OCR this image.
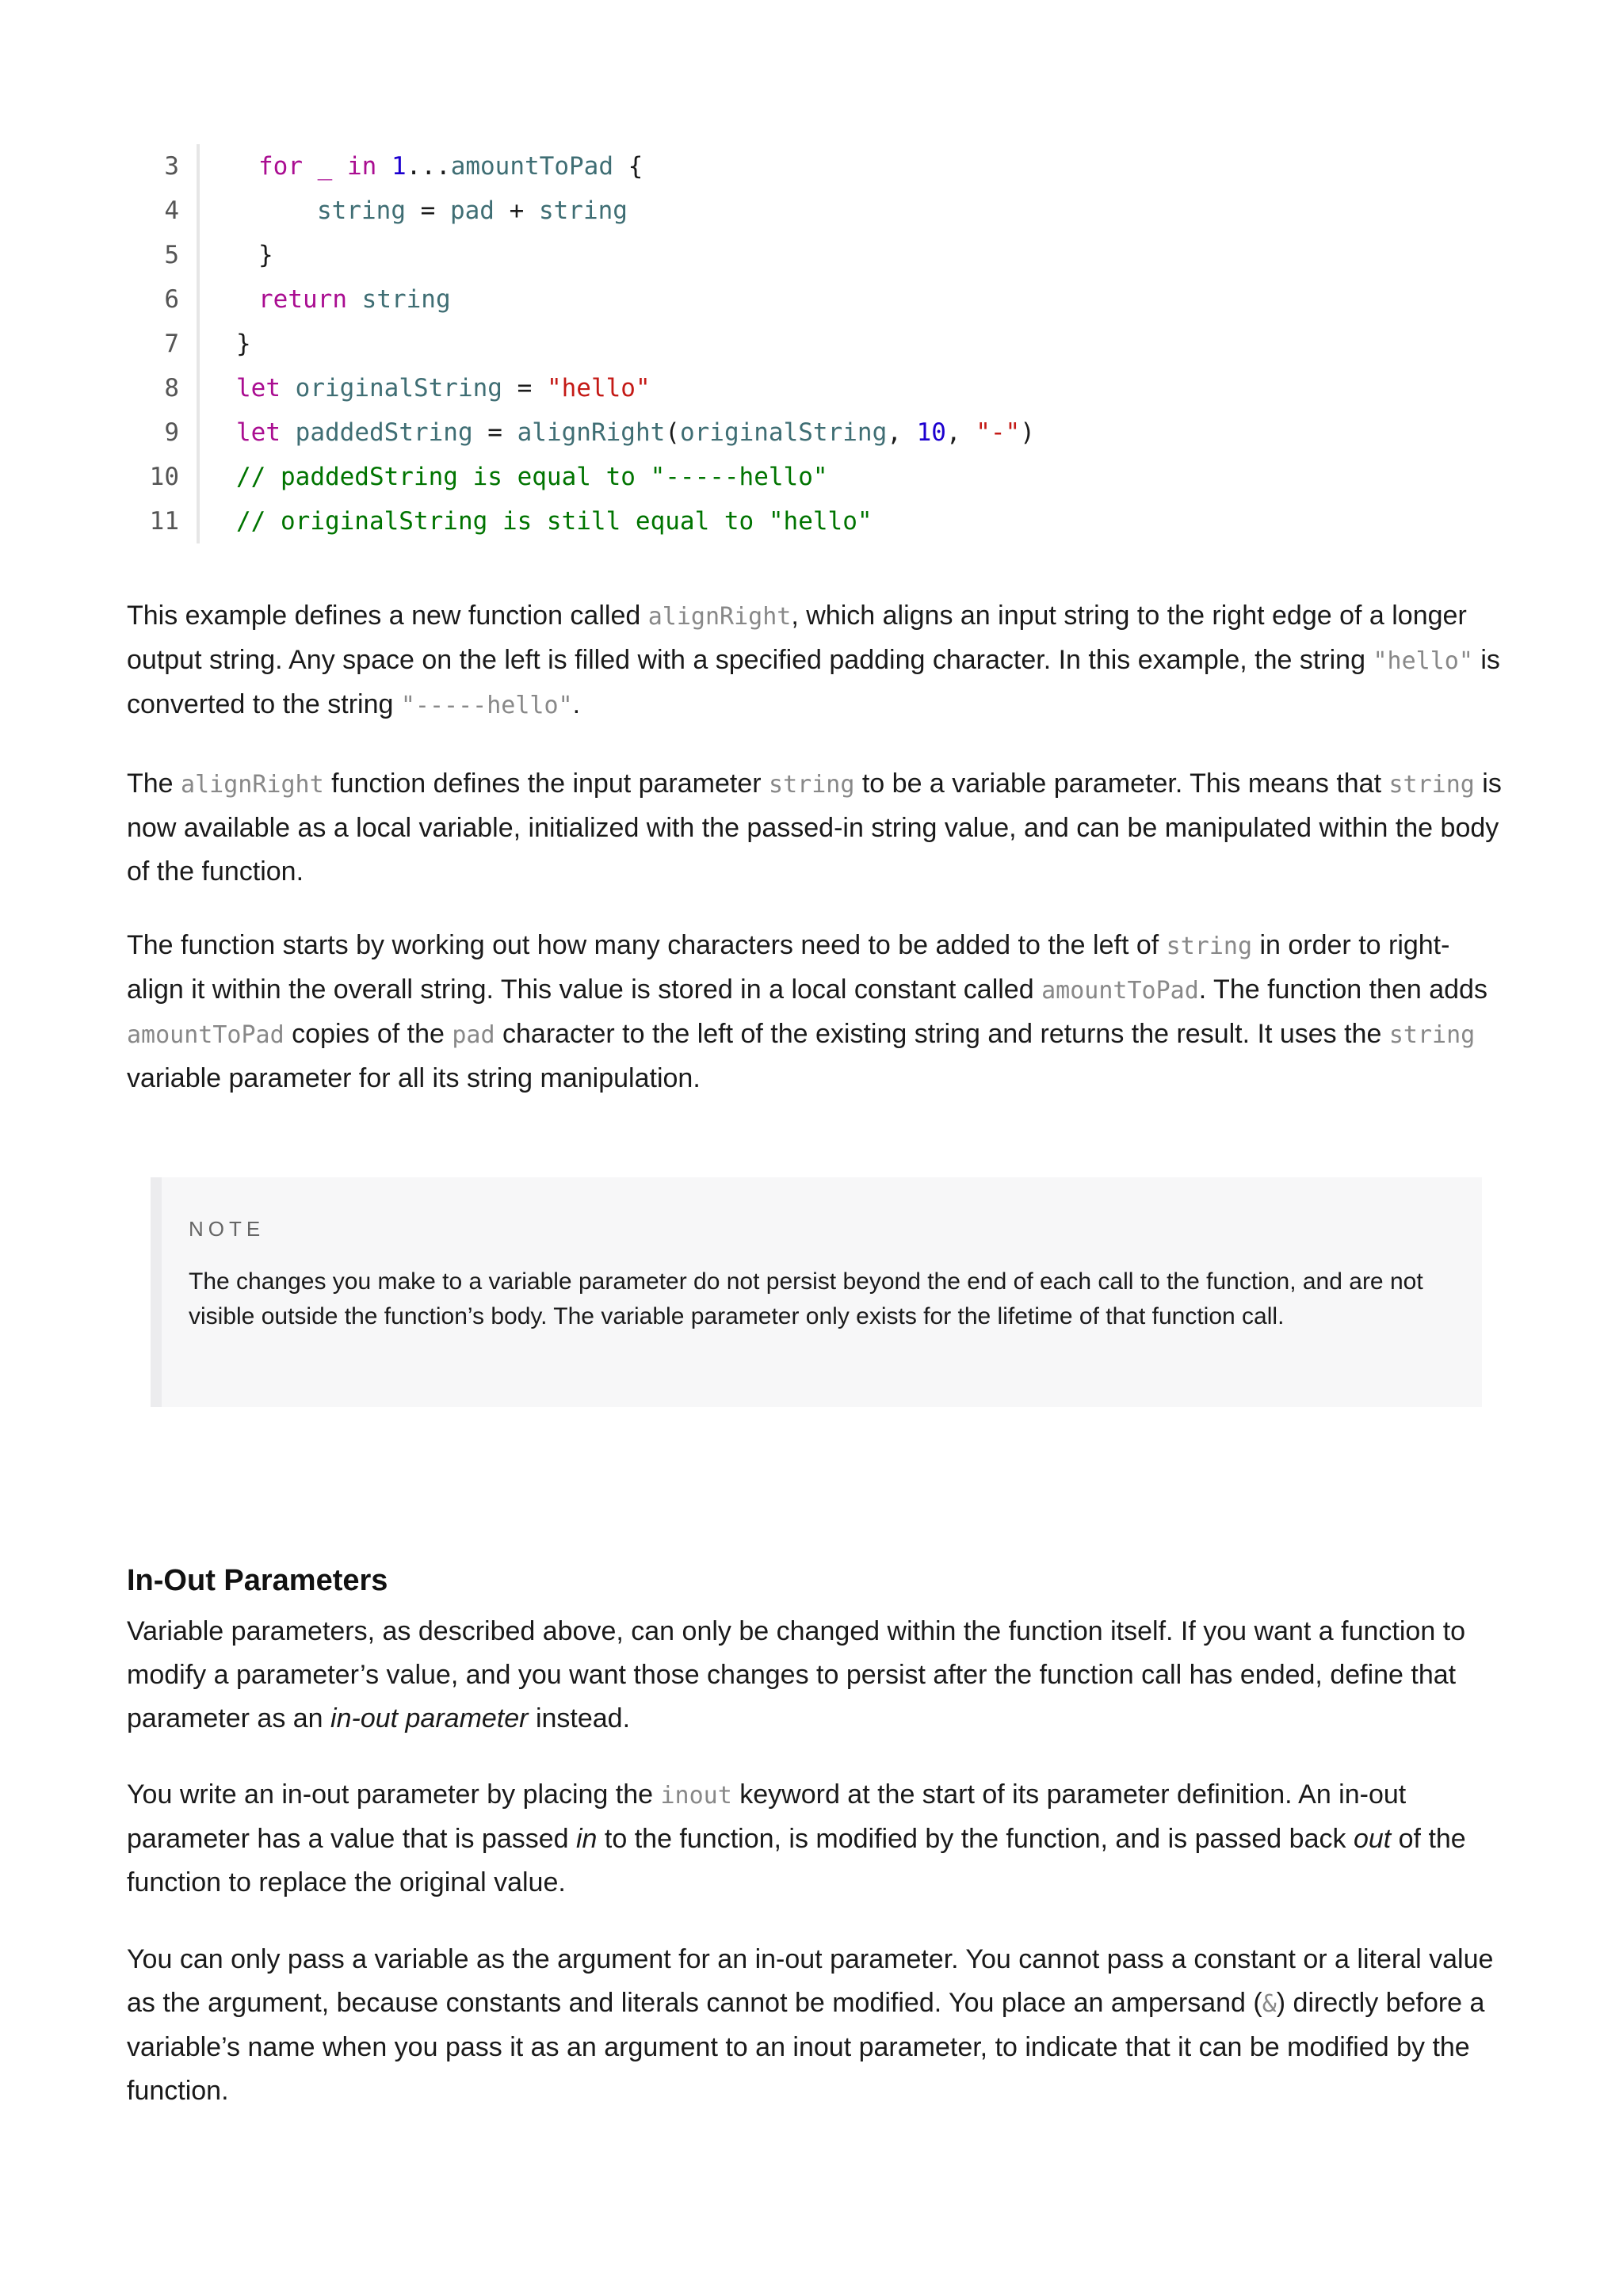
3	for _ in 1...amountToPad {
4	string = pad + string
5	}
6	return string
7	}
8	let originalString = "hello"
9	let paddedString = alignRight(originalString, 10, "-")
10	// paddedString is equal to "-----hello"
11	// originalString is still equal to "hello"

This example defines a new function called alignRight, which aligns an input string to the right edge of a longer output string. Any space on the left is filled with a specified padding character. In this example, the string "hello" is converted to the string "-----hello".

The alignRight function defines the input parameter string to be a variable parameter. This means that string is now available as a local variable, initialized with the passed-in string value, and can be manipulated within the body of the function.

The function starts by working out how many characters need to be added to the left of string in order to right-align it within the overall string. This value is stored in a local constant called amountToPad. The function then adds amountToPad copies of the pad character to the left of the existing string and returns the result. It uses the string variable parameter for all its string manipulation.

NOTE

The changes you make to a variable parameter do not persist beyond the end of each call to the function, and are not visible outside the function’s body. The variable parameter only exists for the lifetime of that function call.

In-Out Parameters

Variable parameters, as described above, can only be changed within the function itself. If you want a function to modify a parameter’s value, and you want those changes to persist after the function call has ended, define that parameter as an in-out parameter instead.

You write an in-out parameter by placing the inout keyword at the start of its parameter definition. An in-out parameter has a value that is passed in to the function, is modified by the function, and is passed back out of the function to replace the original value.

You can only pass a variable as the argument for an in-out parameter. You cannot pass a constant or a literal value as the argument, because constants and literals cannot be modified. You place an ampersand (&) directly before a variable’s name when you pass it as an argument to an inout parameter, to indicate that it can be modified by the function.
